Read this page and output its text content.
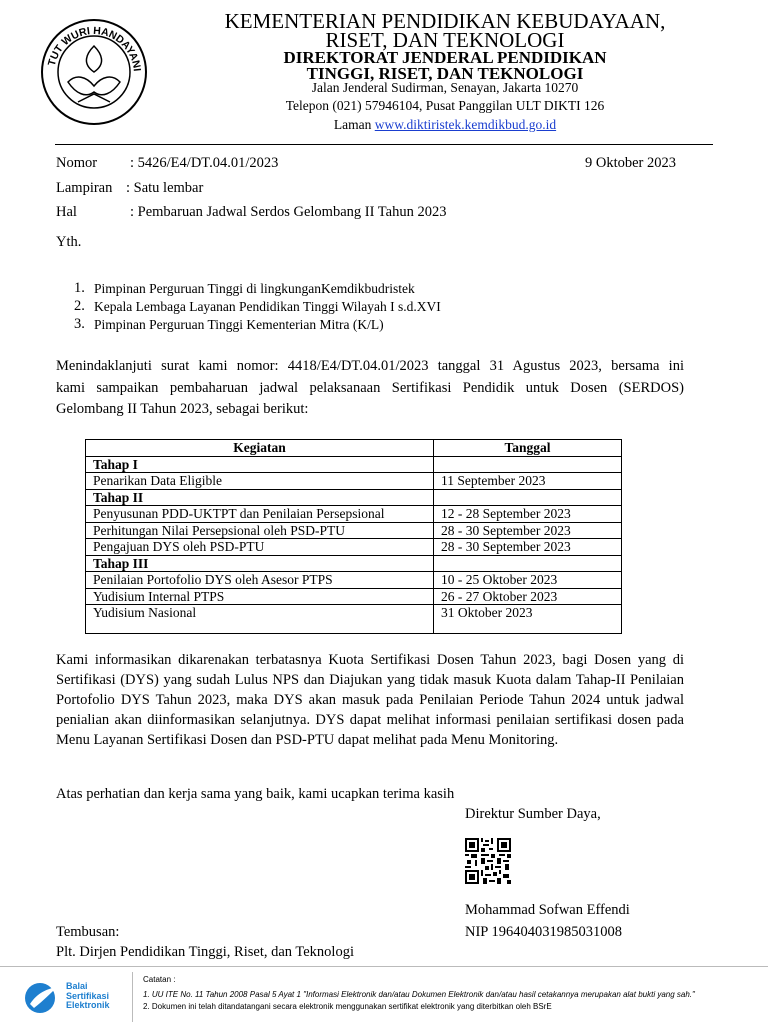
TUT WURI HANDAYANI
KEMENTERIAN PENDIDIKAN KEBUDAYAAN,
RISET, DAN TEKNOLOGI
DIREKTORAT JENDERAL PENDIDIKAN
TINGGI, RISET, DAN TEKNOLOGI
Jalan Jenderal Sudirman, Senayan, Jakarta 10270
Telepon (021) 57946104, Pusat Panggilan ULT DIKTI 126
Laman www.diktiristek.kemdikbud.go.id
Nomor : 5426/E4/DT.04.01/2023	9 Oktober 2023
Lampiran : Satu lembar
Hal	: Pembaruan Jadwal Serdos Gelombang II Tahun 2023
Yth.
1. Pimpinan Perguruan Tinggi di lingkunganKemdikbudristek
2. Kepala Lembaga Layanan Pendidikan Tinggi Wilayah I s.d.XVI
3. Pimpinan Perguruan Tinggi Kementerian Mitra (K/L)
Menindaklanjuti surat kami nomor: 4418/E4/DT.04.01/2023 tanggal 31 Agustus 2023, bersama ini
kami sampaikan pembaharuan jadwal pelaksanaan Sertifikasi Pendidik untuk Dosen (SERDOS)
Gelombang II Tahun 2023, sebagai berikut:
Kegiatan	Tanggal
Tahap I	
Penarikan Data Eligible	11 September 2023
Tahap II	
Penyusunan PDD-UKTPT dan Penilaian Persepsional	12 - 28 September 2023
Perhitungan Nilai Persepsional oleh PSD-PTU	28 - 30 September 2023
Pengajuan DYS oleh PSD-PTU	28 - 30 September 2023
Tahap III	
Penilaian Portofolio DYS oleh Asesor PTPS	10 - 25 Oktober 2023
Yudisium Internal PTPS	26 - 27 Oktober 2023
Yudisium Nasional	31 Oktober 2023
Kami informasikan dikarenakan terbatasnya Kuota Sertifikasi Dosen Tahun 2023, bagi Dosen yang di Sertifikasi (DYS) yang sudah Lulus NPS dan Diajukan yang tidak masuk Kuota dalam Tahap-II Penilaian Portofolio DYS Tahun 2023, maka DYS akan masuk pada Penilaian Periode Tahun 2024 untuk jadwal penialian akan diinformasikan selanjutnya. DYS dapat melihat informasi penilaian sertifikasi dosen pada Menu Layanan Sertifikasi Dosen dan PSD-PTU dapat melihat pada Menu Monitoring.
Atas perhatian dan kerja sama yang baik, kami ucapkan terima kasih
Direktur Sumber Daya,
Mohammad Sofwan Effendi
NIP 196404031985031008
Tembusan:
Plt. Dirjen Pendidikan Tinggi, Riset, dan Teknologi
Balai
Sertifikasi
Elektronik
Catatan :
1. UU ITE No. 11 Tahun 2008 Pasal 5 Ayat 1 "Informasi Elektronik dan/atau Dokumen Elektronik dan/atau hasil cetakannya merupakan alat bukti yang sah."
2. Dokumen ini telah ditandatangani secara elektronik menggunakan sertifikat elektronik yang diterbitkan oleh BSrE
